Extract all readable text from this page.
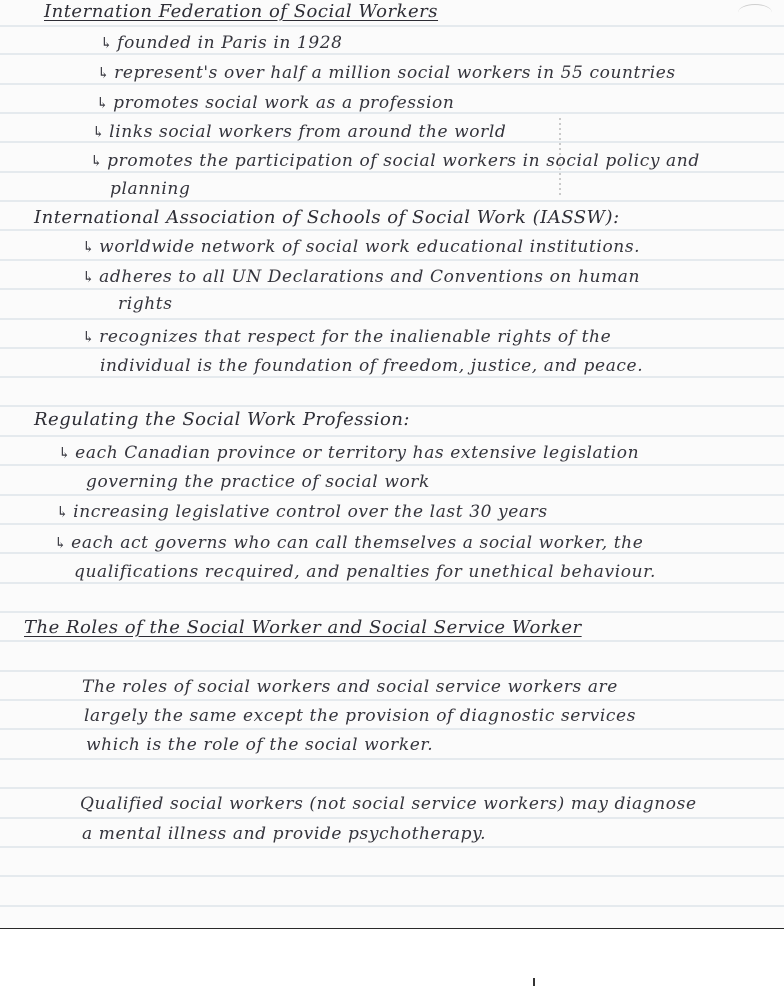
Internation Federation of Social Workers
↳ founded in Paris in 1928
↳ represent's over half a million social workers in 55 countries
↳ promotes social work as a profession
↳ links social workers from around the world
↳ promotes the participation of social workers in social policy and
planning
International Association of Schools of Social Work (IASSW):
↳ worldwide network of social work educational institutions.
↳ adheres to all UN Declarations and Conventions on human
rights
↳ recognizes that respect for the inalienable rights of the
individual is the foundation of freedom, justice, and peace.
Regulating the Social Work Profession:
↳ each Canadian province or territory has extensive legislation
governing the practice of social work
↳ increasing legislative control over the last 30 years
↳ each act governs who can call themselves a social worker, the
qualifications recquired, and penalties for unethical behaviour.
The Roles of the Social Worker and Social Service Worker
The roles of social workers and social service workers are
largely the same except the provision of diagnostic services
which is the role of the social worker.
Qualified social workers (not social service workers) may diagnose
a mental illness and provide psychotherapy.
